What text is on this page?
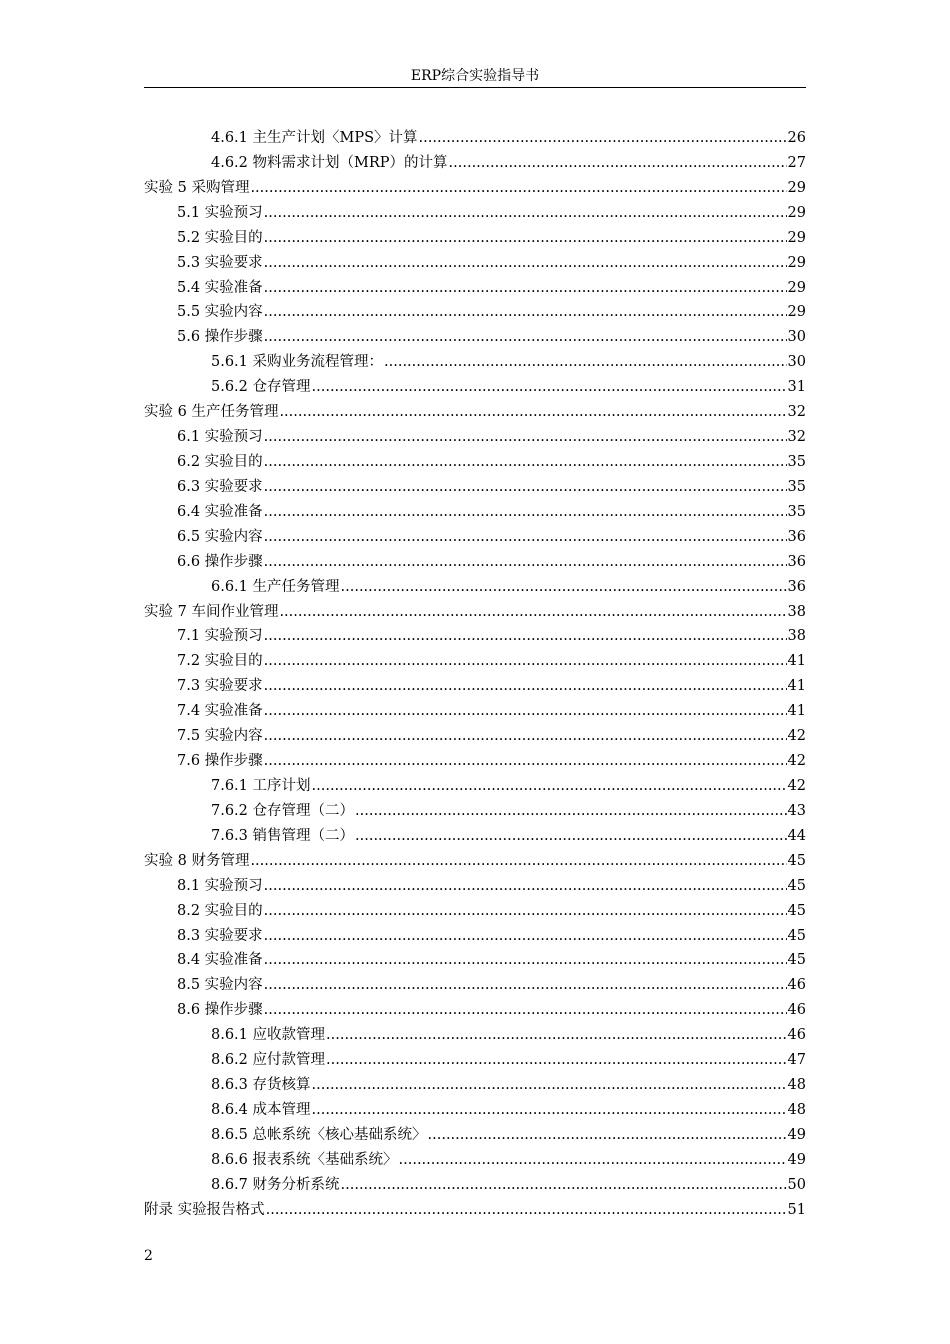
ERP综合实验指导书
4.6.1 主生产计划〈MPS〉计算 .....	26
4.6.2 物料需求计划（MRP）的计算 .....	27
实验 5 采购管理 .....	29
5.1 实验预习 .....	29
5.2 实验目的 .....	29
5.3 实验要求 .....	29
5.4 实验准备 .....	29
5.5 实验内容 .....	29
5.6 操作步骤 .....	30
5.6.1 采购业务流程管理： .....	30
5.6.2 仓存管理 .....	31
实验 6 生产任务管理 .....	32
6.1 实验预习 .....	32
6.2 实验目的 .....	35
6.3 实验要求 .....	35
6.4 实验准备 .....	35
6.5 实验内容 .....	36
6.6 操作步骤 .....	36
6.6.1 生产任务管理 .....	36
实验 7 车间作业管理 .....	38
7.1 实验预习 .....	38
7.2 实验目的 .....	41
7.3 实验要求 .....	41
7.4 实验准备 .....	41
7.5 实验内容 .....	42
7.6 操作步骤 .....	42
7.6.1 工序计划 .....	42
7.6.2 仓存管理（二） .....	43
7.6.3 销售管理（二） .....	44
实验 8 财务管理 .....	45
8.1 实验预习 .....	45
8.2 实验目的 .....	45
8.3 实验要求 .....	45
8.4 实验准备 .....	45
8.5 实验内容 .....	46
8.6 操作步骤 .....	46
8.6.1 应收款管理 .....	46
8.6.2 应付款管理 .....	47
8.6.3 存货核算 .....	48
8.6.4 成本管理 .....	48
8.6.5 总帐系统〈核心基础系统〉 .....	49
8.6.6 报表系统〈基础系统〉 .....	49
8.6.7 财务分析系统 .....	50
附录 实验报告格式 .....	51
2
